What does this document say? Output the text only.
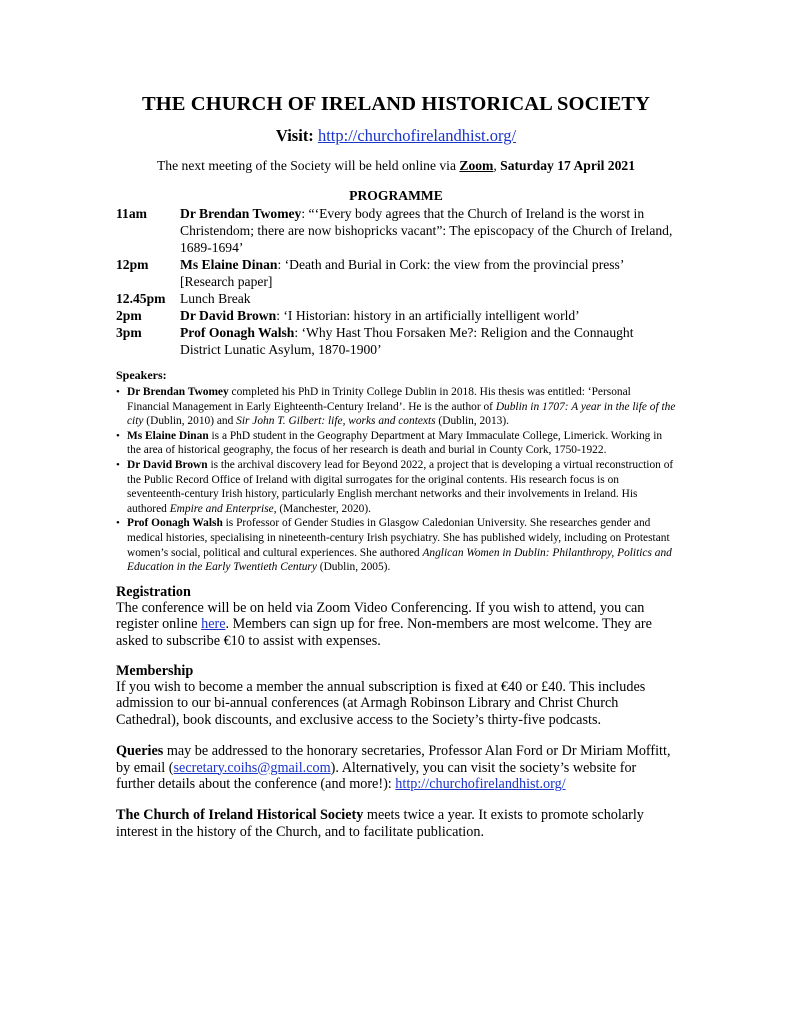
THE CHURCH OF IRELAND HISTORICAL SOCIETY
Visit: http://churchofirelandhist.org/
The next meeting of the Society will be held online via Zoom, Saturday 17 April 2021
PROGRAMME
11am	Dr Brendan Twomey: “‘Every body agrees that the Church of Ireland is the worst in Christendom; there are now bishopricks vacant”: The episcopacy of the Church of Ireland, 1689-1694’
12pm	Ms Elaine Dinan: ‘Death and Burial in Cork: the view from the provincial press’ [Research paper]
12.45pm	Lunch Break
2pm	Dr David Brown: ‘I Historian: history in an artificially intelligent world’
3pm	Prof Oonagh Walsh: ‘Why Hast Thou Forsaken Me?: Religion and the Connaught District Lunatic Asylum, 1870-1900’
Speakers:
• Dr Brendan Twomey completed his PhD in Trinity College Dublin in 2018. His thesis was entitled: ‘Personal Financial Management in Early Eighteenth-Century Ireland’. He is the author of Dublin in 1707: A year in the life of the city (Dublin, 2010) and Sir John T. Gilbert: life, works and contexts (Dublin, 2013).
• Ms Elaine Dinan is a PhD student in the Geography Department at Mary Immaculate College, Limerick. Working in the area of historical geography, the focus of her research is death and burial in County Cork, 1750-1922.
• Dr David Brown is the archival discovery lead for Beyond 2022, a project that is developing a virtual reconstruction of the Public Record Office of Ireland with digital surrogates for the original contents. His research focus is on seventeenth-century Irish history, particularly English merchant networks and their involvements in Ireland. His authored Empire and Enterprise, (Manchester, 2020).
• Prof Oonagh Walsh is Professor of Gender Studies in Glasgow Caledonian University. She researches gender and medical histories, specialising in nineteenth-century Irish psychiatry. She has published widely, including on Protestant women’s social, political and cultural experiences. She authored Anglican Women in Dublin: Philanthropy, Politics and Education in the Early Twentieth Century (Dublin, 2005).
Registration
The conference will be on held via Zoom Video Conferencing. If you wish to attend, you can register online here. Members can sign up for free. Non-members are most welcome. They are asked to subscribe €10 to assist with expenses.
Membership
If you wish to become a member the annual subscription is fixed at €40 or £40. This includes admission to our bi-annual conferences (at Armagh Robinson Library and Christ Church Cathedral), book discounts, and exclusive access to the Society’s thirty-five podcasts.
Queries may be addressed to the honorary secretaries, Professor Alan Ford or Dr Miriam Moffitt, by email (secretary.coihs@gmail.com). Alternatively, you can visit the society’s website for further details about the conference (and more!): http://churchofirelandhist.org/
The Church of Ireland Historical Society meets twice a year. It exists to promote scholarly interest in the history of the Church, and to facilitate publication.
